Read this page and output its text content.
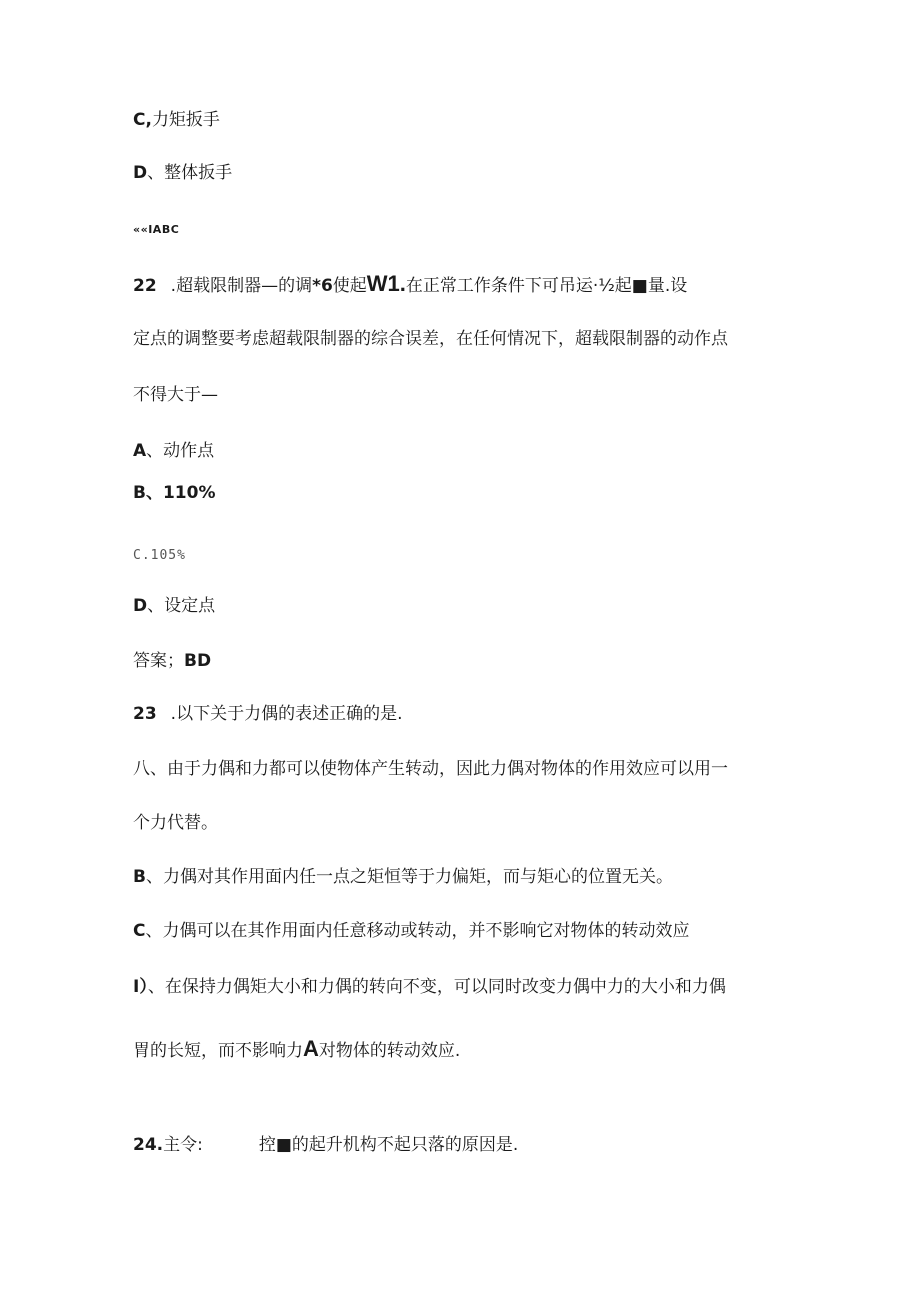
C,力矩扳手
D、整体扳手
««IABC
22 .超载限制器—的调*6使起W1.在正常工作条件下可吊运·½起■量.设
定点的调整要考虑超载限制器的综合误差，在任何情况下，超载限制器的动作点
不得大于—
A、动作点
B、110%
C.105%
D、设定点
答案；BD
23 .以下关于力偶的表述正确的是.
八、由于力偶和力都可以使物体产生转动，因此力偶对物体的作用效应可以用一
个力代替。
B、力偶对其作用面内任一点之矩恒等于力偏矩，而与矩心的位置无关。
C、力偶可以在其作用面内任意移动或转动，并不影响它对物体的转动效应
I）、在保持力偶矩大小和力偶的转向不变，可以同时改变力偶中力的大小和力偶
胃的长短，而不影响力A对物体的转动效应.
24.主令:	控■的起升机构不起只落的原因是.
